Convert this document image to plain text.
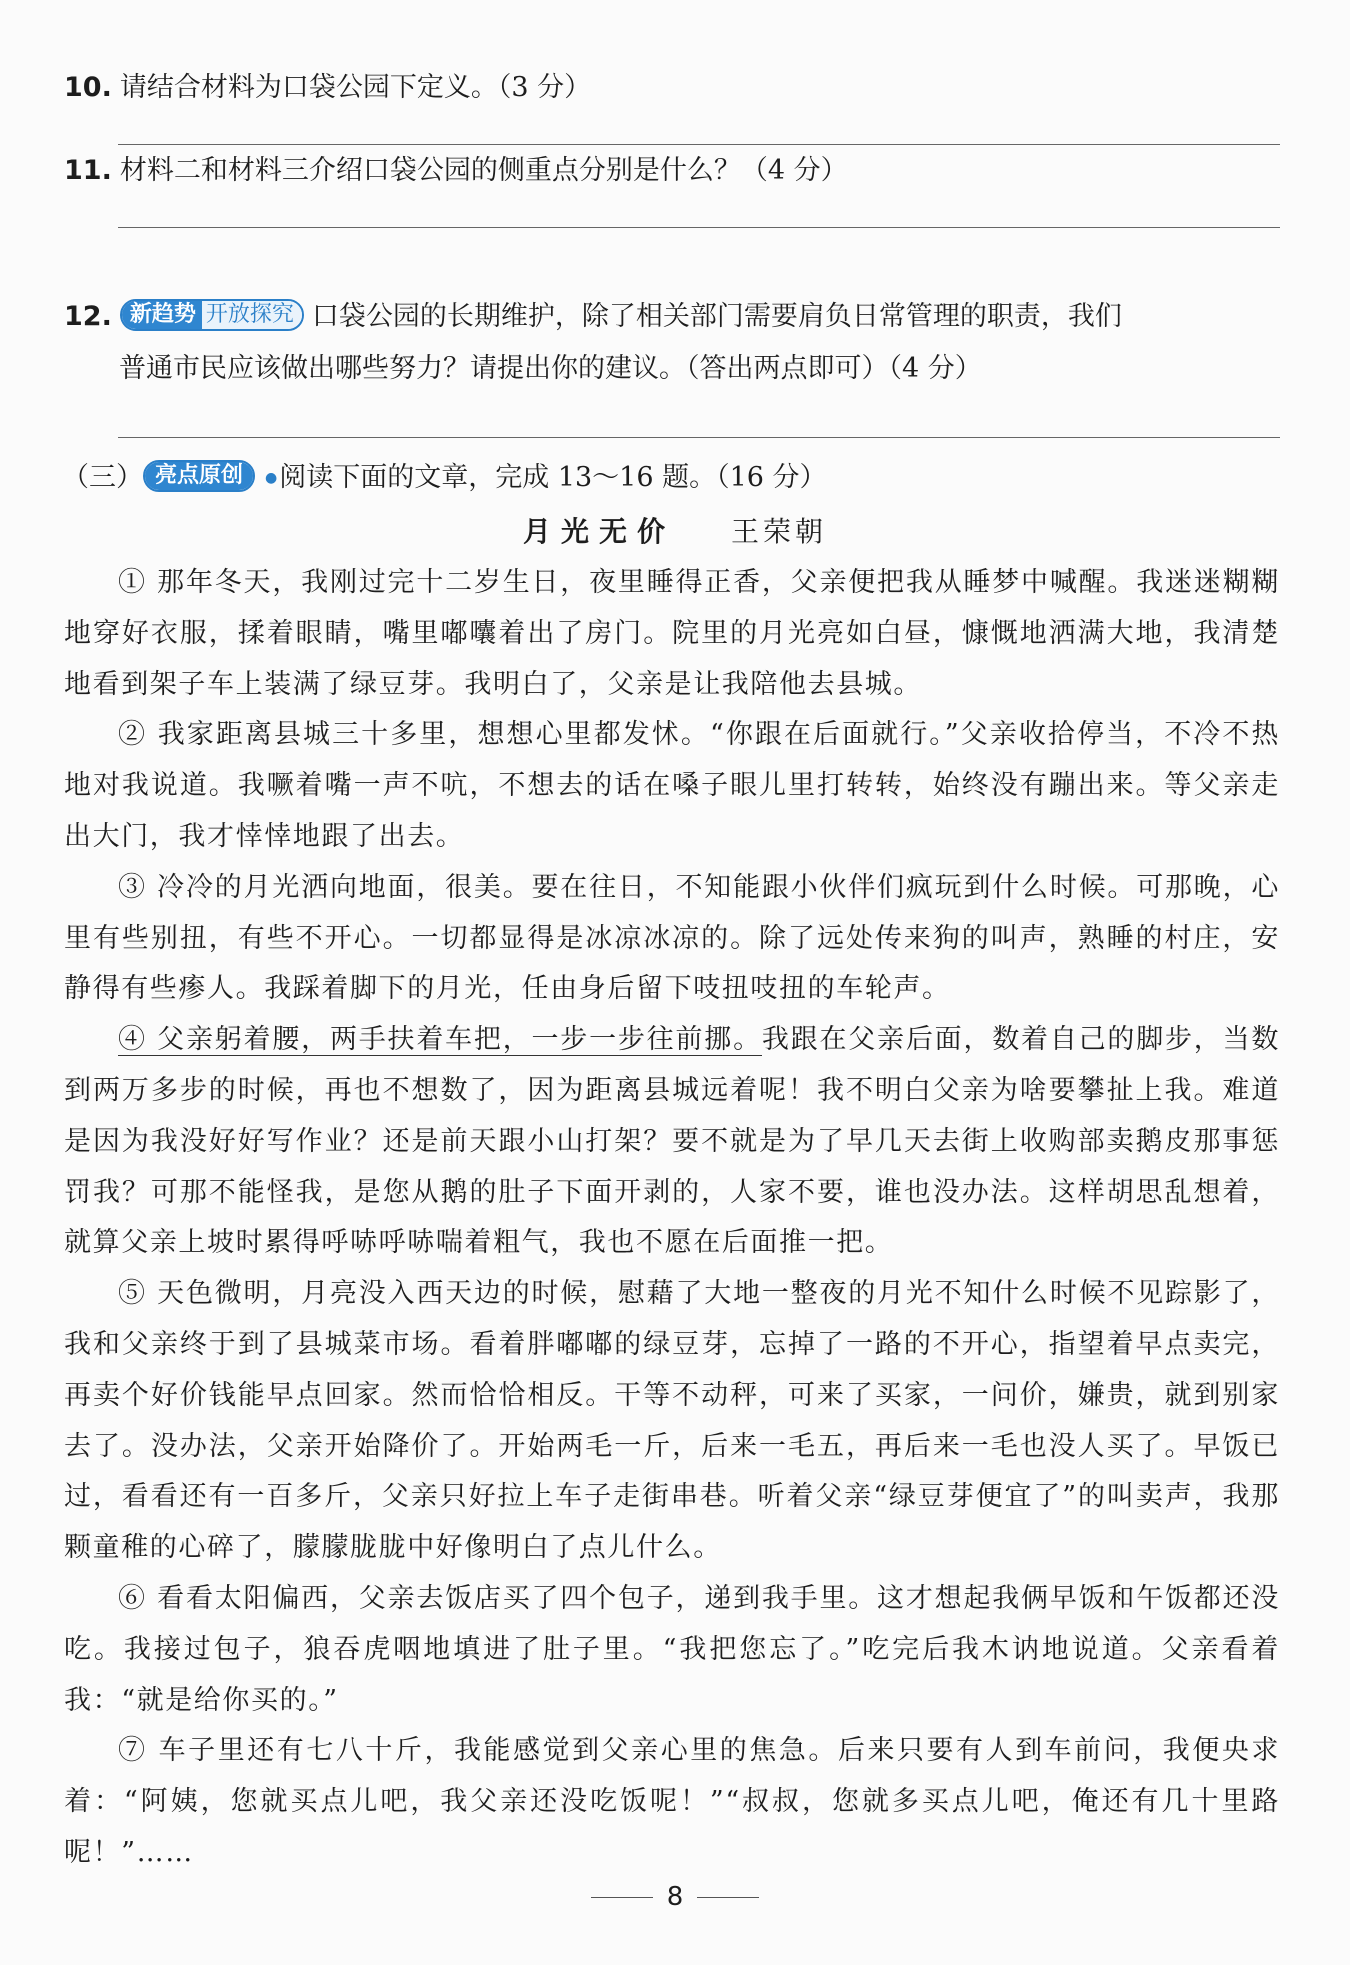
10. 请结合材料为口袋公园下定义。（3 分）
11. 材料二和材料三介绍口袋公园的侧重点分别是什么？（4 分）
12. 新趋势 开放探究 口袋公园的长期维护，除了相关部门需要肩负日常管理的职责，我们
普通市民应该做出哪些努力？请提出你的建议。（答出两点即可）（4 分）
（三） 亮点原创 ●阅读下面的文章，完成 13～16 题。（16 分）
月光无价 王荣朝

① 那年冬天，我刚过完十二岁生日，夜里睡得正香，父亲便把我从睡梦中喊醒。我迷迷糊糊地穿好衣服，揉着眼睛，嘴里嘟囔着出了房门。院里的月光亮如白昼，慷慨地洒满大地，我清楚地看到架子车上装满了绿豆芽。我明白了，父亲是让我陪他去县城。

② 我家距离县城三十多里，想想心里都发怵。“你跟在后面就行。”父亲收拾停当，不冷不热地对我说道。我噘着嘴一声不吭，不想去的话在嗓子眼儿里打转转，始终没有蹦出来。等父亲走出大门，我才悻悻地跟了出去。

③ 冷冷的月光洒向地面，很美。要在往日，不知能跟小伙伴们疯玩到什么时候。可那晚，心里有些别扭，有些不开心。一切都显得是冰凉冰凉的。除了远处传来狗的叫声，熟睡的村庄，安静得有些瘆人。我踩着脚下的月光，任由身后留下吱扭吱扭的车轮声。

④ 父亲躬着腰，两手扶着车把，一步一步往前挪。我跟在父亲后面，数着自己的脚步，当数到两万多步的时候，再也不想数了，因为距离县城远着呢！我不明白父亲为啥要攀扯上我。难道是因为我没好好写作业？还是前天跟小山打架？要不就是为了早几天去街上收购部卖鹅皮那事惩罚我？可那不能怪我，是您从鹅的肚子下面开剥的，人家不要，谁也没办法。这样胡思乱想着，就算父亲上坡时累得呼哧呼哧喘着粗气，我也不愿在后面推一把。

⑤ 天色微明，月亮没入西天边的时候，慰藉了大地一整夜的月光不知什么时候不见踪影了，我和父亲终于到了县城菜市场。看着胖嘟嘟的绿豆芽，忘掉了一路的不开心，指望着早点卖完，再卖个好价钱能早点回家。然而恰恰相反。干等不动秤，可来了买家，一问价，嫌贵，就到别家去了。没办法，父亲开始降价了。开始两毛一斤，后来一毛五，再后来一毛也没人买了。早饭已过，看看还有一百多斤，父亲只好拉上车子走街串巷。听着父亲“绿豆芽便宜了”的叫卖声，我那颗童稚的心碎了，朦朦胧胧中好像明白了点儿什么。

⑥ 看看太阳偏西，父亲去饭店买了四个包子，递到我手里。这才想起我俩早饭和午饭都还没吃。我接过包子，狼吞虎咽地填进了肚子里。“我把您忘了。”吃完后我木讷地说道。父亲看着我：“就是给你买的。”

⑦ 车子里还有七八十斤，我能感觉到父亲心里的焦急。后来只要有人到车前问，我便央求着：“阿姨，您就买点儿吧，我父亲还没吃饭呢！”“叔叔，您就多买点儿吧，俺还有几十里路呢！”……

8
